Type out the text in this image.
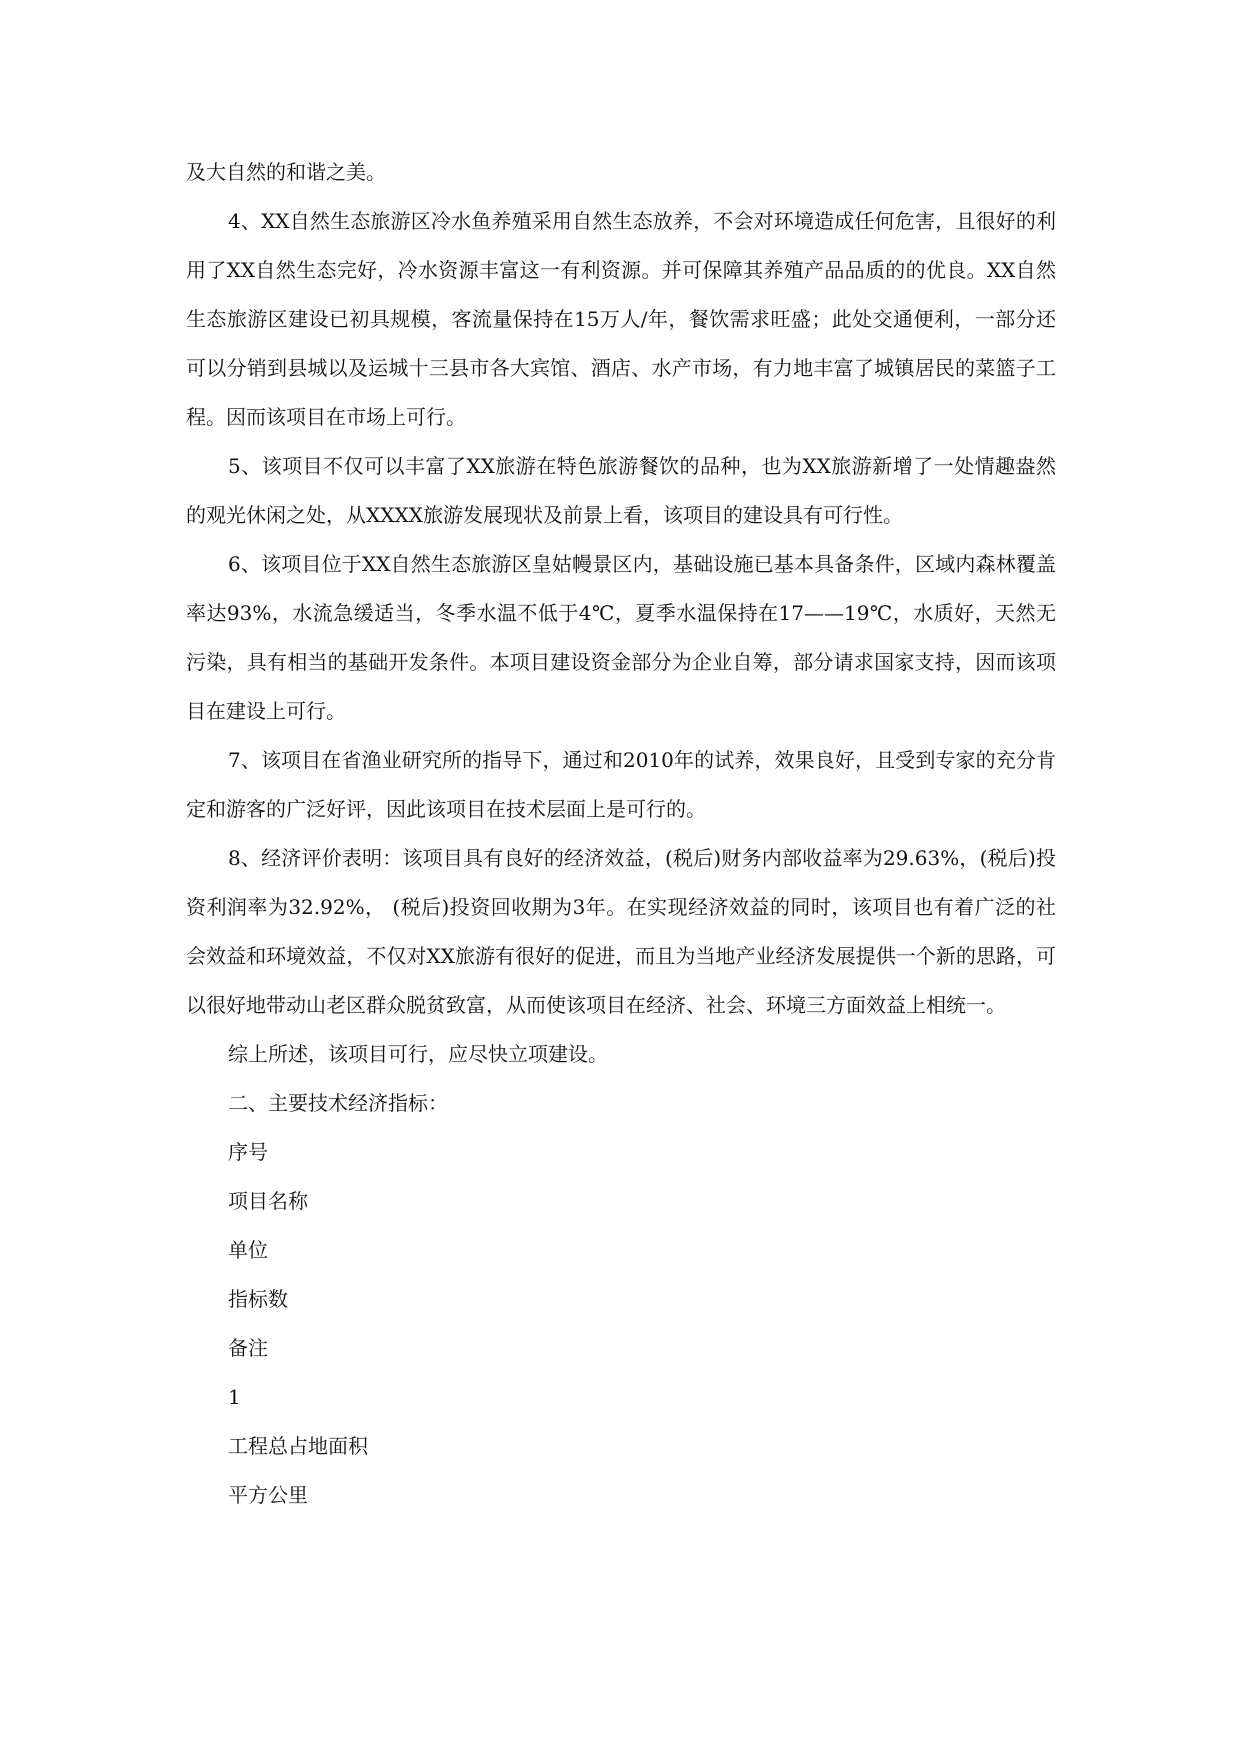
及大自然的和谐之美。

4、XX自然生态旅游区冷水鱼养殖采用自然生态放养，不会对环境造成任何危害，且很好的利用了XX自然生态完好，冷水资源丰富这一有利资源。并可保障其养殖产品品质的的优良。XX自然生态旅游区建设已初具规模，客流量保持在15万人/年，餐饮需求旺盛；此处交通便利，一部分还可以分销到县城以及运城十三县市各大宾馆、酒店、水产市场，有力地丰富了城镇居民的菜篮子工程。因而该项目在市场上可行。

5、该项目不仅可以丰富了XX旅游在特色旅游餐饮的品种，也为XX旅游新增了一处情趣盎然的观光休闲之处，从XXXX旅游发展现状及前景上看，该项目的建设具有可行性。

6、该项目位于XX自然生态旅游区皇姑幔景区内，基础设施已基本具备条件，区域内森林覆盖率达93%，水流急缓适当，冬季水温不低于4℃，夏季水温保持在17——19℃，水质好，天然无污染，具有相当的基础开发条件。本项目建设资金部分为企业自筹，部分请求国家支持，因而该项目在建设上可行。

7、该项目在省渔业研究所的指导下，通过和2010年的试养，效果良好，且受到专家的充分肯定和游客的广泛好评，因此该项目在技术层面上是可行的。

8、经济评价表明：该项目具有良好的经济效益，(税后)财务内部收益率为29.63%，(税后)投资利润率为32.92%， (税后)投资回收期为3年。在实现经济效益的同时，该项目也有着广泛的社会效益和环境效益，不仅对XX旅游有很好的促进，而且为当地产业经济发展提供一个新的思路，可以很好地带动山老区群众脱贫致富，从而使该项目在经济、社会、环境三方面效益上相统一。

综上所述，该项目可行，应尽快立项建设。

二、主要技术经济指标：

序号

项目名称

单位

指标数

备注

1

工程总占地面积

平方公里
